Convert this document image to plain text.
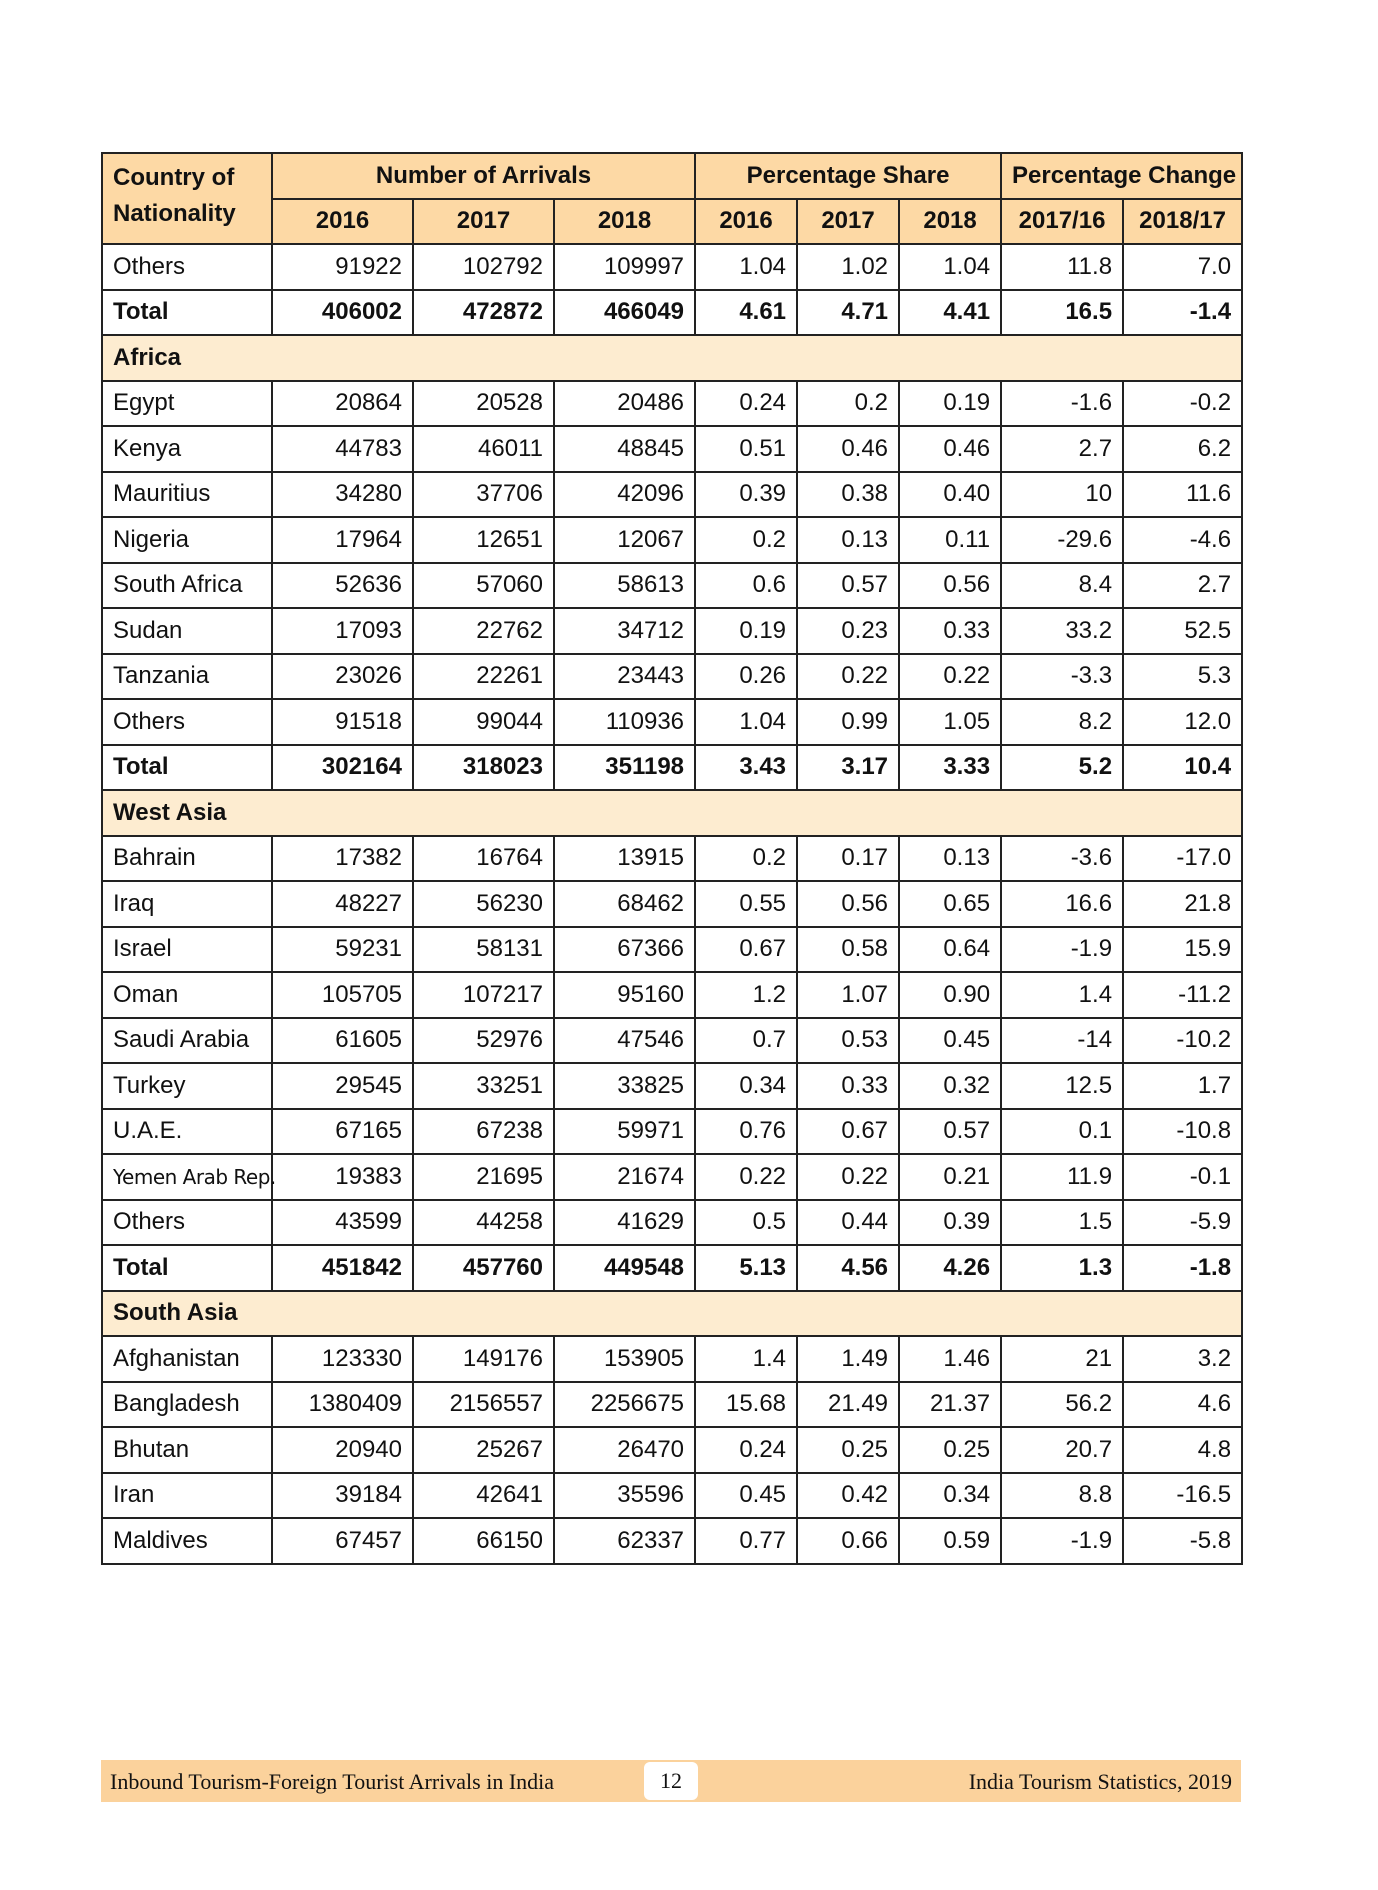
Country of Nationality	Number of Arrivals			Percentage Share			Percentage Change	
	2016	2017	2018	2016	2017	2018	2017/16	2018/17
Others	91922	102792	109997	1.04	1.02	1.04	11.8	7.0
Total	406002	472872	466049	4.61	4.71	4.41	16.5	-1.4
Africa								
Egypt	20864	20528	20486	0.24	0.2	0.19	-1.6	-0.2
Kenya	44783	46011	48845	0.51	0.46	0.46	2.7	6.2
Mauritius	34280	37706	42096	0.39	0.38	0.40	10	11.6
Nigeria	17964	12651	12067	0.2	0.13	0.11	-29.6	-4.6
South Africa	52636	57060	58613	0.6	0.57	0.56	8.4	2.7
Sudan	17093	22762	34712	0.19	0.23	0.33	33.2	52.5
Tanzania	23026	22261	23443	0.26	0.22	0.22	-3.3	5.3
Others	91518	99044	110936	1.04	0.99	1.05	8.2	12.0
Total	302164	318023	351198	3.43	3.17	3.33	5.2	10.4
West Asia								
Bahrain	17382	16764	13915	0.2	0.17	0.13	-3.6	-17.0
Iraq	48227	56230	68462	0.55	0.56	0.65	16.6	21.8
Israel	59231	58131	67366	0.67	0.58	0.64	-1.9	15.9
Oman	105705	107217	95160	1.2	1.07	0.90	1.4	-11.2
Saudi Arabia	61605	52976	47546	0.7	0.53	0.45	-14	-10.2
Turkey	29545	33251	33825	0.34	0.33	0.32	12.5	1.7
U.A.E.	67165	67238	59971	0.76	0.67	0.57	0.1	-10.8
Yemen Arab Rep.	19383	21695	21674	0.22	0.22	0.21	11.9	-0.1
Others	43599	44258	41629	0.5	0.44	0.39	1.5	-5.9
Total	451842	457760	449548	5.13	4.56	4.26	1.3	-1.8
South Asia								
Afghanistan	123330	149176	153905	1.4	1.49	1.46	21	3.2
Bangladesh	1380409	2156557	2256675	15.68	21.49	21.37	56.2	4.6
Bhutan	20940	25267	26470	0.24	0.25	0.25	20.7	4.8
Iran	39184	42641	35596	0.45	0.42	0.34	8.8	-16.5
Maldives	67457	66150	62337	0.77	0.66	0.59	-1.9	-5.8
Inbound Tourism-Foreign Tourist Arrivals in India	12	India Tourism Statistics, 2019
